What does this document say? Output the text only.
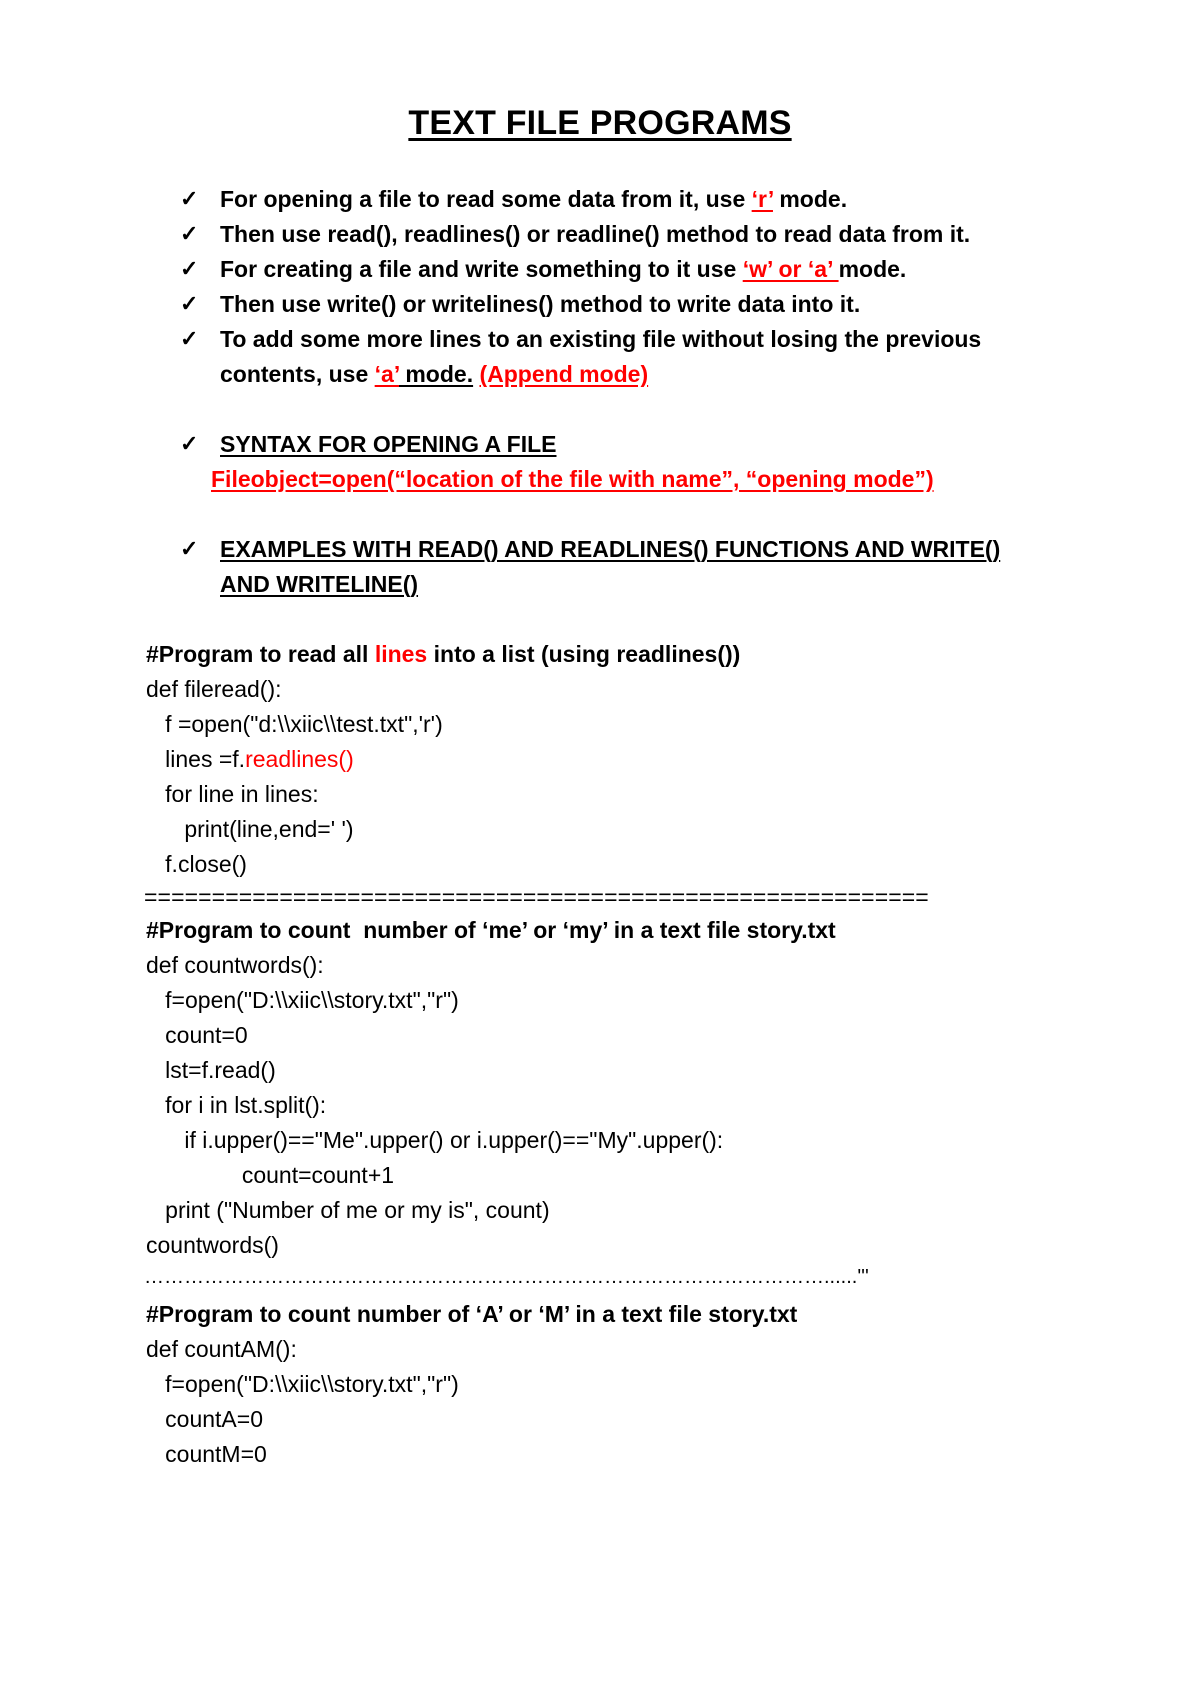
TEXT FILE PROGRAMS
✓ For opening a file to read some data from it, use ‘r’ mode.
✓ Then use read(), readlines() or readline() method to read data from it.
✓ For creating a file and write something to it use ‘w’ or ‘a’ mode.
✓ Then use write() or writelines() method to write data into it.
✓ To add some more lines to an existing file without losing the previous
contents, use ‘a’ mode. (Append mode)
✓ SYNTAX FOR OPENING A FILE
Fileobject=open(“location of the file with name”, “opening mode”)
✓ EXAMPLES WITH READ() AND READLINES() FUNCTIONS AND WRITE()
AND WRITELINE()
#Program to read all lines into a list (using readlines())
def fileread():
f =open("d:\\xiic\\test.txt",'r')
lines =f.readlines()
for line in lines:
print(line,end=' ')
f.close()
==========================================================
#Program to count  number of ‘me’ or ‘my’ in a text file story.txt
def countwords():
f=open("D:\\xiic\\story.txt","r")
count=0
lst=f.read()
for i in lst.split():
if i.upper()=="Me".upper() or i.upper()=="My".upper():
count=count+1
print ("Number of me or my is", count)
countwords()
…………………………………………………………………………………………......'''
#Program to count number of ‘A’ or ‘M’ in a text file story.txt
def countAM():
f=open("D:\\xiic\\story.txt","r")
countA=0
countM=0
